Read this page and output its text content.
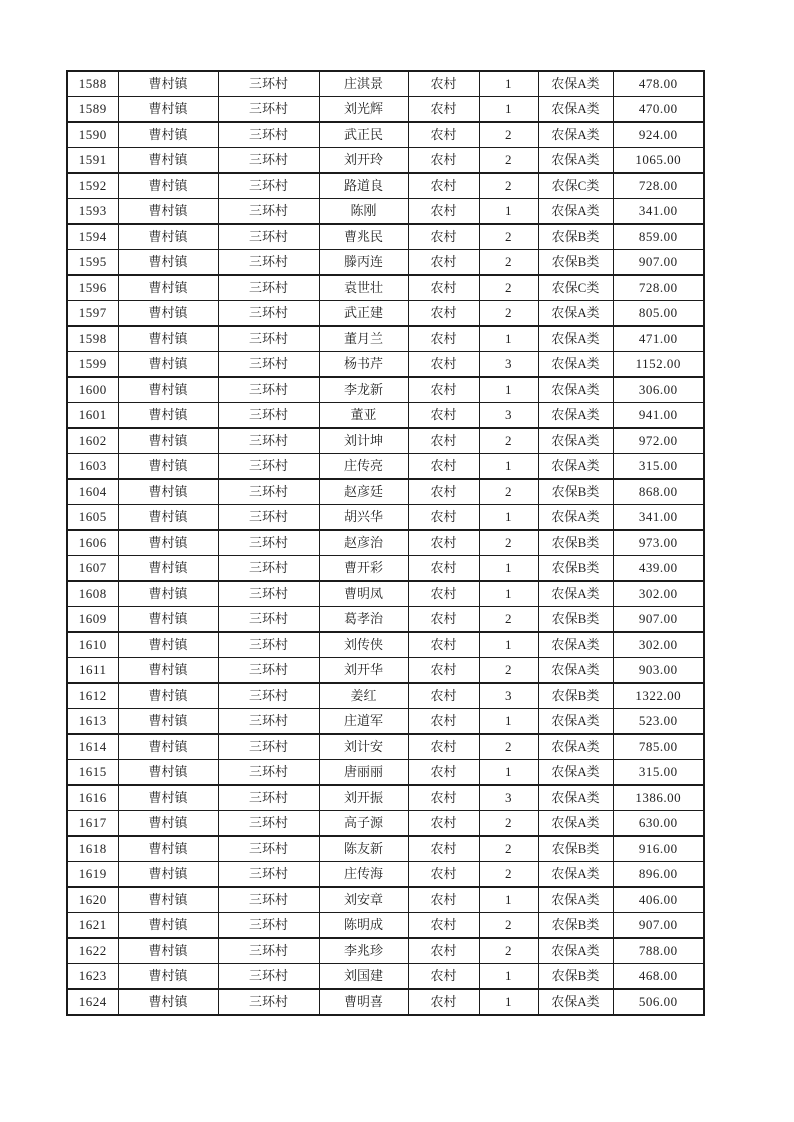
1588	曹村镇	三环村	庄淇景	农村	1	农保A类	478.00
1589	曹村镇	三环村	刘光辉	农村	1	农保A类	470.00
1590	曹村镇	三环村	武正民	农村	2	农保A类	924.00
1591	曹村镇	三环村	刘开玲	农村	2	农保A类	1065.00
1592	曹村镇	三环村	路道良	农村	2	农保C类	728.00
1593	曹村镇	三环村	陈刚	农村	1	农保A类	341.00
1594	曹村镇	三环村	曹兆民	农村	2	农保B类	859.00
1595	曹村镇	三环村	滕丙连	农村	2	农保B类	907.00
1596	曹村镇	三环村	袁世壮	农村	2	农保C类	728.00
1597	曹村镇	三环村	武正建	农村	2	农保A类	805.00
1598	曹村镇	三环村	董月兰	农村	1	农保A类	471.00
1599	曹村镇	三环村	杨书芹	农村	3	农保A类	1152.00
1600	曹村镇	三环村	李龙新	农村	1	农保A类	306.00
1601	曹村镇	三环村	董亚	农村	3	农保A类	941.00
1602	曹村镇	三环村	刘计坤	农村	2	农保A类	972.00
1603	曹村镇	三环村	庄传亮	农村	1	农保A类	315.00
1604	曹村镇	三环村	赵彦廷	农村	2	农保B类	868.00
1605	曹村镇	三环村	胡兴华	农村	1	农保A类	341.00
1606	曹村镇	三环村	赵彦治	农村	2	农保B类	973.00
1607	曹村镇	三环村	曹开彩	农村	1	农保B类	439.00
1608	曹村镇	三环村	曹明凤	农村	1	农保A类	302.00
1609	曹村镇	三环村	葛孝治	农村	2	农保B类	907.00
1610	曹村镇	三环村	刘传侠	农村	1	农保A类	302.00
1611	曹村镇	三环村	刘开华	农村	2	农保A类	903.00
1612	曹村镇	三环村	姜红	农村	3	农保B类	1322.00
1613	曹村镇	三环村	庄道军	农村	1	农保A类	523.00
1614	曹村镇	三环村	刘计安	农村	2	农保A类	785.00
1615	曹村镇	三环村	唐丽丽	农村	1	农保A类	315.00
1616	曹村镇	三环村	刘开振	农村	3	农保A类	1386.00
1617	曹村镇	三环村	高子源	农村	2	农保A类	630.00
1618	曹村镇	三环村	陈友新	农村	2	农保B类	916.00
1619	曹村镇	三环村	庄传海	农村	2	农保A类	896.00
1620	曹村镇	三环村	刘安章	农村	1	农保A类	406.00
1621	曹村镇	三环村	陈明成	农村	2	农保B类	907.00
1622	曹村镇	三环村	李兆珍	农村	2	农保A类	788.00
1623	曹村镇	三环村	刘国建	农村	1	农保B类	468.00
1624	曹村镇	三环村	曹明喜	农村	1	农保A类	506.00
